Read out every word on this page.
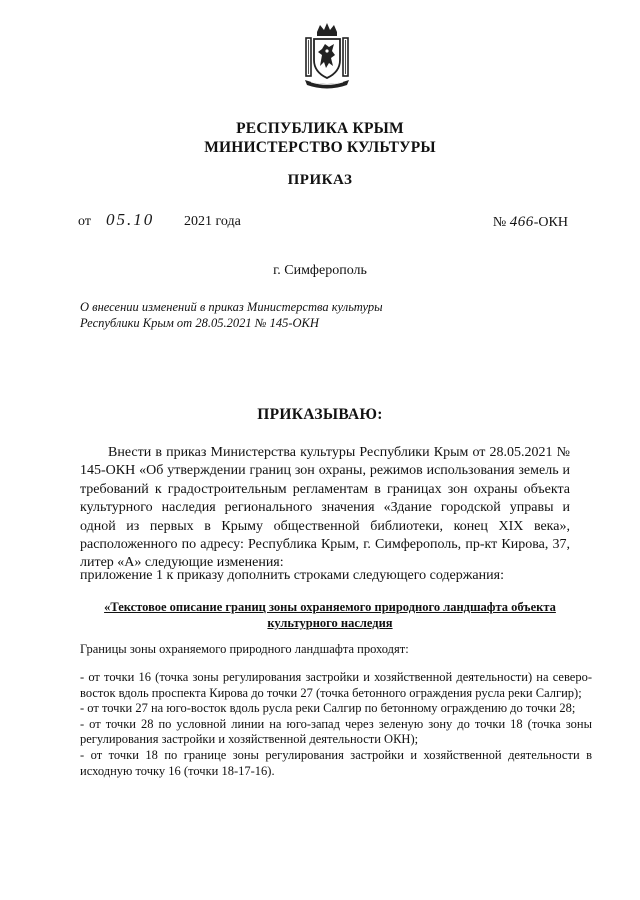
РЕСПУБЛИКА КРЫМ

МИНИСТЕРСТВО КУЛЬТУРЫ

ПРИКАЗ

от 05.10 2021 года	№ 466-ОКН

г. Симферополь

О внесении изменений в приказ Министерства культуры
Республики Крым от 28.05.2021 № 145-ОКН

ПРИКАЗЫВАЮ:

Внести в приказ Министерства культуры Республики Крым от 28.05.2021 № 145-ОКН «Об утверждении границ зон охраны, режимов использования земель и требований к градостроительным регламентам в границах зон охраны объекта культурного наследия регионального значения «Здание городской управы и одной из первых в Крыму общественной библиотеки, конец XIX века», расположенного по адресу: Республика Крым, г. Симферополь, пр-кт Кирова, 37, литер «А» следующие изменения:

приложение 1 к приказу дополнить строками следующего содержания:

«Текстовое описание границ зоны охраняемого природного ландшафта объекта
культурного наследия

Границы зоны охраняемого природного ландшафта проходят:

- от точки 16 (точка зоны регулирования застройки и хозяйственной деятельности) на северо-восток вдоль проспекта Кирова до точки 27 (точка бетонного ограждения русла реки Салгир);
- от точки 27 на юго-восток вдоль русла реки Салгир по бетонному ограждению до точки 28;
- от точки 28 по условной линии на юго-запад через зеленую зону до точки 18 (точка зоны регулирования застройки и хозяйственной деятельности ОКН);
- от точки 18 по границе зоны регулирования застройки и хозяйственной деятельности в исходную точку 16 (точки 18-17-16).
